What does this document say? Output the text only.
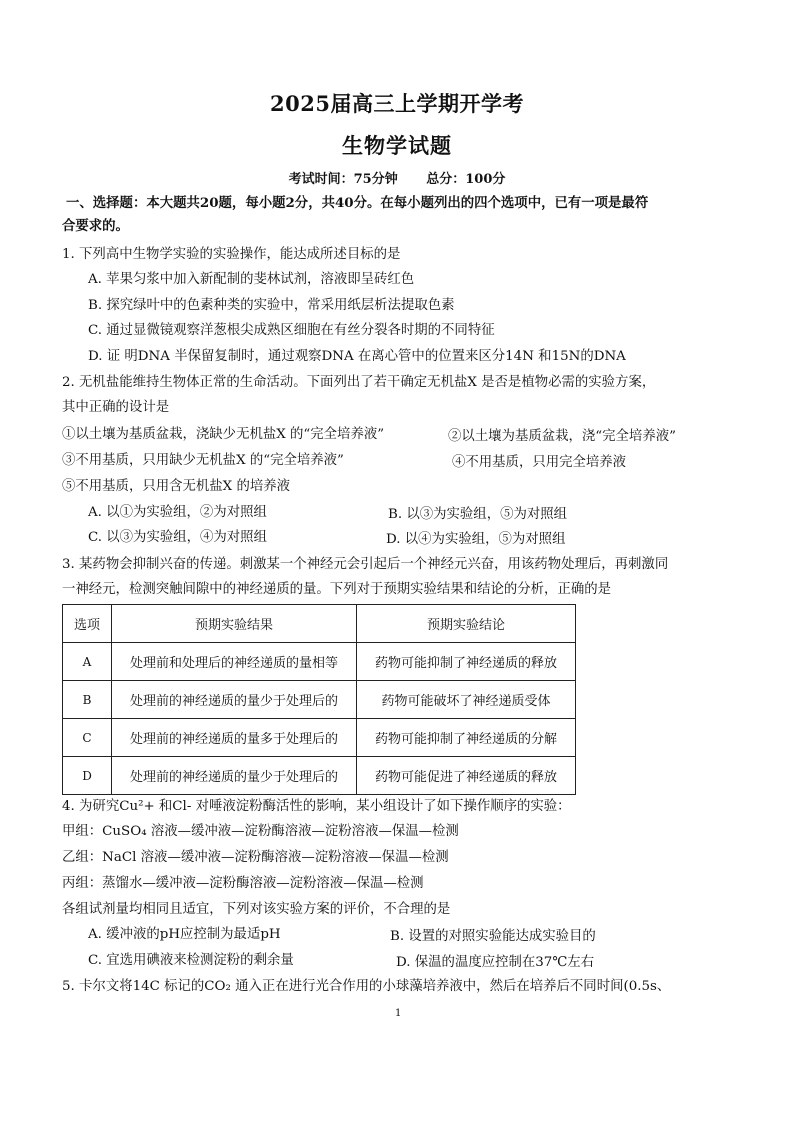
2025届高三上学期开学考
生物学试题
考试时间：75分钟 总分：100分
一、选择题：本大题共20题，每小题2分，共40分。在每小题列出的四个选项中，已有一项是最符
合要求的。
1. 下列高中生物学实验的实验操作，能达成所述目标的是
A. 苹果匀浆中加入新配制的斐林试剂，溶液即呈砖红色
B. 探究绿叶中的色素种类的实验中，常采用纸层析法提取色素
C. 通过显微镜观察洋葱根尖成熟区细胞在有丝分裂各时期的不同特征
D. 证 明DNA 半保留复制时，通过观察DNA 在离心管中的位置来区分14N 和15N的DNA
2. 无机盐能维持生物体正常的生命活动。下面列出了若干确定无机盐X 是否是植物必需的实验方案，
其中正确的设计是
①以土壤为基质盆栽，浇缺少无机盐X 的“完全培养液”	②以土壤为基质盆栽，浇“完全培养液”
③不用基质，只用缺少无机盐X 的“完全培养液”	④不用基质，只用完全培养液
⑤不用基质，只用含无机盐X 的培养液
A. 以①为实验组，②为对照组	B. 以③为实验组，⑤为对照组
C. 以③为实验组，④为对照组	D. 以④为实验组，⑤为对照组
3. 某药物会抑制兴奋的传递。刺激某一个神经元会引起后一个神经元兴奋，用该药物处理后，再刺激同
一神经元，检测突触间隙中的神经递质的量。下列对于预期实验结果和结论的分析，正确的是
选项	预期实验结果	预期实验结论
A	处理前和处理后的神经递质的量相等	药物可能抑制了神经递质的释放
B	处理前的神经递质的量少于处理后的	药物可能破坏了神经递质受体
C	处理前的神经递质的量多于处理后的	药物可能抑制了神经递质的分解
D	处理前的神经递质的量少于处理后的	药物可能促进了神经递质的释放
4. 为研究Cu²+ 和Cl- 对唾液淀粉酶活性的影响，某小组设计了如下操作顺序的实验：
甲组：CuSO₄ 溶液—缓冲液—淀粉酶溶液—淀粉溶液—保温—检测
乙组：NaCl 溶液—缓冲液—淀粉酶溶液—淀粉溶液—保温—检测
丙组：蒸馏水—缓冲液—淀粉酶溶液—淀粉溶液—保温—检测
各组试剂量均相同且适宜，下列对该实验方案的评价，不合理的是
A. 缓冲液的pH应控制为最适pH	B. 设置的对照实验能达成实验目的
C. 宜选用碘液来检测淀粉的剩余量	D. 保温的温度应控制在37℃左右
5. 卡尔文将14C 标记的CO₂ 通入正在进行光合作用的小球藻培养液中，然后在培养后不同时间(0.5s、
1
